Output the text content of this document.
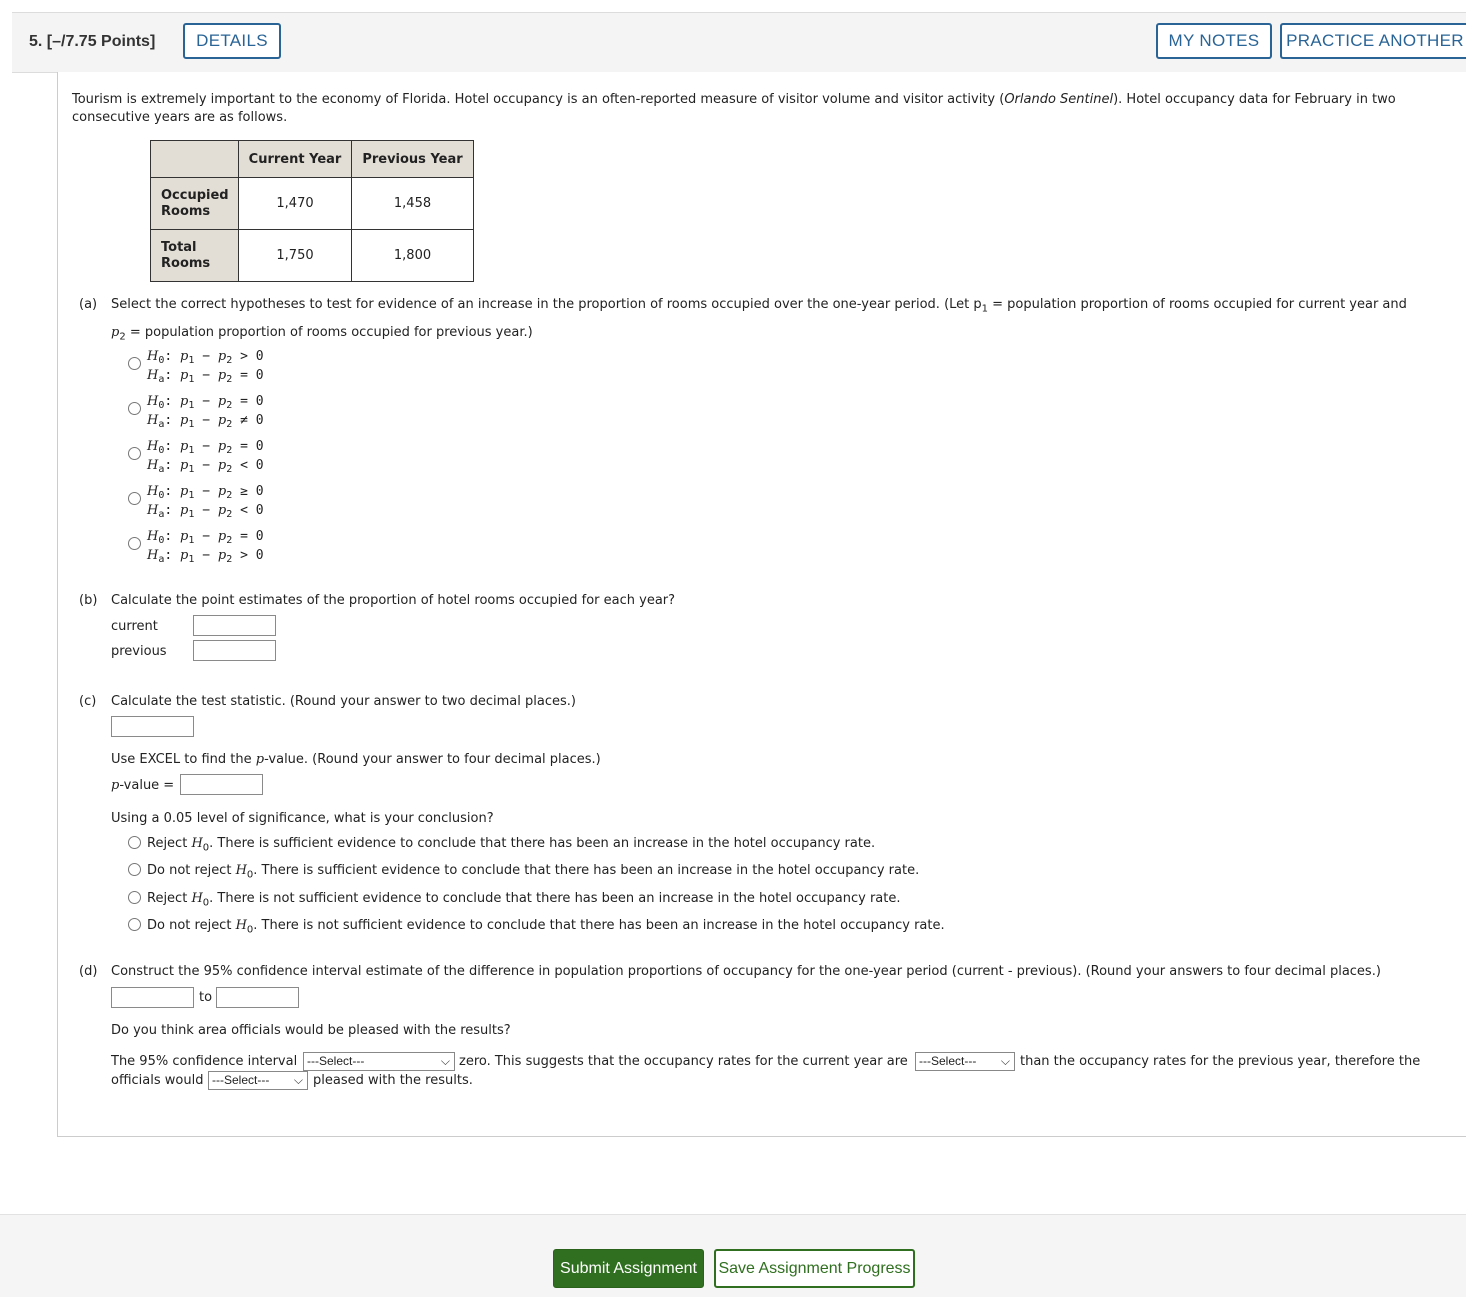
5. [–/7.75 Points]	DETAILS	MY NOTES	PRACTICE ANOTHER
Tourism is extremely important to the economy of Florida. Hotel occupancy is an often-reported measure of visitor volume and visitor activity (Orlando Sentinel). Hotel occupancy data for February in two
consecutive years are as follows.
	Current Year	Previous Year

Occupied
Rooms	1,470	1,458

Total
Rooms	1,750	1,800
(a) Select the correct hypotheses to test for evidence of an increase in the proportion of rooms occupied over the one-year period. (Let $p_1$ = population proportion of rooms occupied for current year and
$p_2$ = population proportion of rooms occupied for previous year.)
$H_0$: $p_1 - p_2 > 0$
$H_a$: $p_1 - p_2 = 0$
$H_0$: $p_1 - p_2 = 0$
$H_a$: $p_1 - p_2 \ne 0$
$H_0$: $p_1 - p_2 = 0$
$H_a$: $p_1 - p_2 < 0$
$H_0$: $p_1 - p_2 \ge 0$
$H_a$: $p_1 - p_2 < 0$
$H_0$: $p_1 - p_2 = 0$
$H_a$: $p_1 - p_2 > 0$
(b) Calculate the point estimates of the proportion of hotel rooms occupied for each year?
current
previous
(c) Calculate the test statistic. (Round your answer to two decimal places.)
Use EXCEL to find the p-value. (Round your answer to four decimal places.)
p-value =
Using a 0.05 level of significance, what is your conclusion?
Reject $H_0$. There is sufficient evidence to conclude that there has been an increase in the hotel occupancy rate.
Do not reject $H_0$. There is sufficient evidence to conclude that there has been an increase in the hotel occupancy rate.
Reject $H_0$. There is not sufficient evidence to conclude that there has been an increase in the hotel occupancy rate.
Do not reject $H_0$. There is not sufficient evidence to conclude that there has been an increase in the hotel occupancy rate.
(d) Construct the 95% confidence interval estimate of the difference in population proportions of occupancy for the one-year period (current - previous). (Round your answers to four decimal places.)
to
Do you think area officials would be pleased with the results?
The 95% confidence interval ---Select---	⌵ zero. This suggests that the occupancy rates for the current year are ---Select--- ⌵ than the occupancy rates for the previous year, therefore the
officials would ---Select--- ⌵ pleased with the results.
Submit Assignment	Save Assignment Progress
